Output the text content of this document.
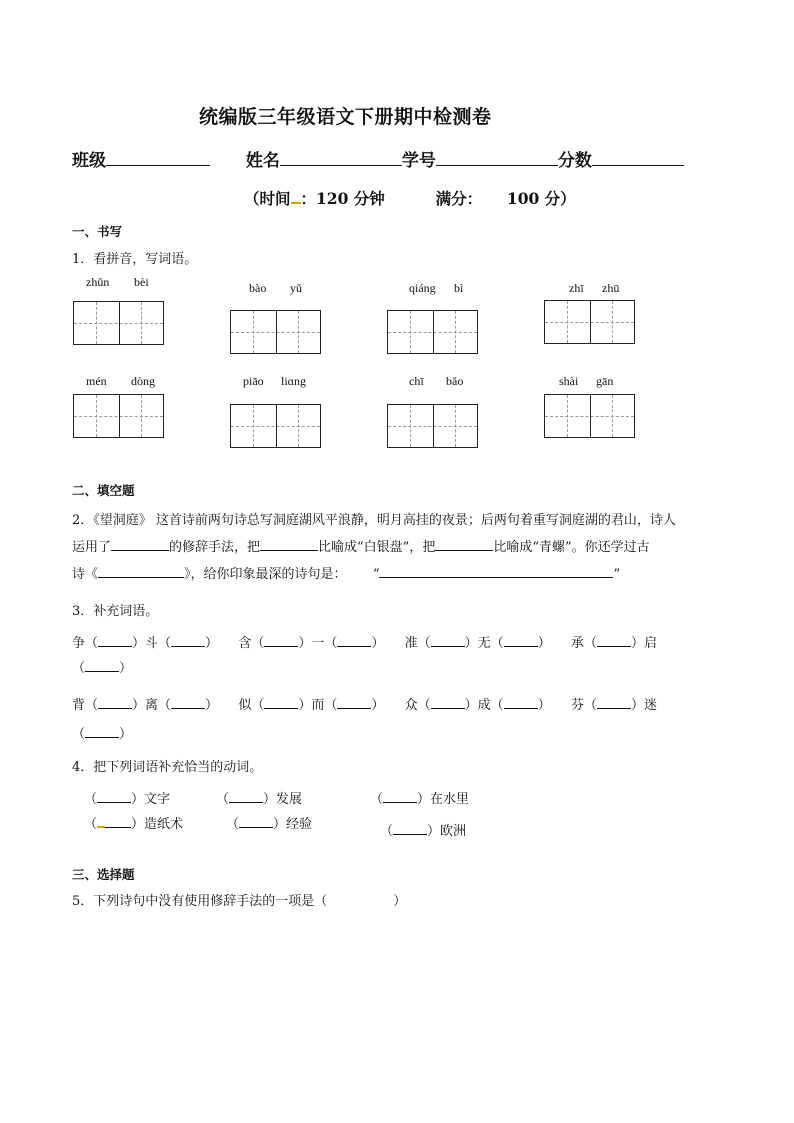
统编版三年级语文下册期中检测卷
班级	姓名	学号	分数
（时间 ：120 分钟	满分： 100 分）
一、书写
1．看拼音，写词语。
zhǔn bèi	bào yǔ	qiáng bì	zhī zhū
mén dòng	piāo liɑng	chī bǎo	shài gān
二、填空题
2．《望洞庭》 这首诗前两句诗总写洞庭湖风平浪静，明月高挂的夜景；后两句着重写洞庭湖的君山，诗人
运用了	的修辞手法，把	比喻成“白银盘”，把	比喻成“青螺”。你还学过古
诗《	》，给你印象最深的诗句是： “	”
3．补充词语。
争（	）斗（	） 含（	）一（	） 准（	）无（	） 承（	）启
（	）
背（	）离（	） 似（	）而（	） 众（	）成（	） 芬（	）迷
（	）
4．把下列词语补充恰当的动词。
（	）文字	（	）发展	（	）在水里
（	）造纸术	（	）经验	（	）欧洲
三、选择题
5．下列诗句中没有使用修辞手法的一项是（	）
